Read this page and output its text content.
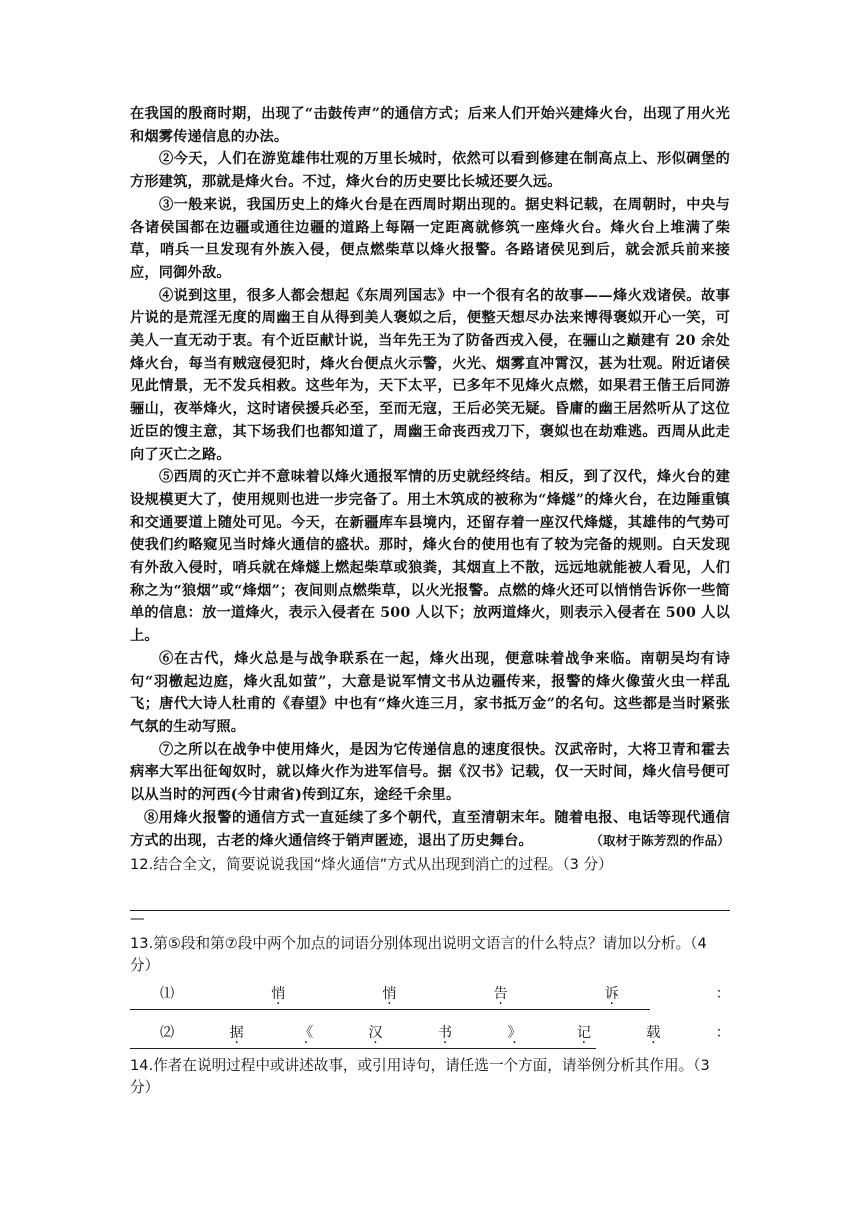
在我国的殷商时期，出现了“击鼓传声”的通信方式；后来人们开始兴建烽火台，出现了用火光和烟雾传递信息的办法。

②今天，人们在游览雄伟壮观的万里长城时，依然可以看到修建在制高点上、形似碉堡的方形建筑，那就是烽火台。不过，烽火台的历史要比长城还要久远。

③一般来说，我国历史上的烽火台是在西周时期出现的。据史料记载，在周朝时，中央与各诸侯国都在边疆或通往边疆的道路上每隔一定距离就修筑一座烽火台。烽火台上堆满了柴草，哨兵一旦发现有外族入侵，便点燃柴草以烽火报警。各路诸侯见到后，就会派兵前来接应，同御外敌。

④说到这里，很多人都会想起《东周列国志》中一个很有名的故事——烽火戏诸侯。故事片说的是荒淫无度的周幽王自从得到美人褒姒之后，便整天想尽办法来博得褒姒开心一笑，可美人一直无动于衷。有个近臣献计说，当年先王为了防备西戎入侵，在骊山之巅建有 20 余处烽火台，每当有贼寇侵犯时，烽火台便点火示警，火光、烟雾直冲霄汉，甚为壮观。附近诸侯见此情景，无不发兵相救。这些年为，天下太平，已多年不见烽火点燃，如果君王偕王后同游骊山，夜举烽火，这时诸侯援兵必至，至而无寇，王后必笑无疑。昏庸的幽王居然听从了这位近臣的馊主意，其下场我们也都知道了，周幽王命丧西戎刀下，褒姒也在劫难逃。西周从此走向了灭亡之路。

⑤西周的灭亡并不意味着以烽火通报军情的历史就经终结。相反，到了汉代，烽火台的建设规模更大了，使用规则也进一步完备了。用土木筑成的被称为“烽燧”的烽火台，在边陲重镇和交通要道上随处可见。今天，在新疆库车县境内，还留存着一座汉代烽燧，其雄伟的气势可使我们约略窥见当时烽火通信的盛状。那时，烽火台的使用也有了较为完备的规则。白天发现有外敌入侵时，哨兵就在烽燧上燃起柴草或狼粪，其烟直上不散，远远地就能被人看见，人们称之为“狼烟”或“烽烟”；夜间则点燃柴草，以火光报警。点燃的烽火还可以悄悄告诉你一些简单的信息：放一道烽火，表示入侵者在 500 人以下；放两道烽火，则表示入侵者在 500 人以上。

⑥在古代，烽火总是与战争联系在一起，烽火出现，便意味着战争来临。南朝吴均有诗句“羽檄起边庭，烽火乱如萤”，大意是说军情文书从边疆传来，报警的烽火像萤火虫一样乱飞；唐代大诗人杜甫的《春望》中也有“烽火连三月，家书抵万金”的名句。这些都是当时紧张气氛的生动写照。

⑦之所以在战争中使用烽火，是因为它传递信息的速度很快。汉武帝时，大将卫青和霍去病率大军出征匈奴时，就以烽火作为进军信号。据《汉书》记载，仅一天时间，烽火信号便可以从当时的河西(今甘肃省)传到辽东，途经千余里。

⑧用烽火报警的通信方式一直延续了多个朝代，直至清朝末年。随着电报、电话等现代通信方式的出现，古老的烽火通信终于销声匿迹，退出了历史舞台。	（取材于陈芳烈的作品）

12.结合全文，简要说说我国“烽火通信”方式从出现到消亡的过程。（3 分）

—

13.第⑤段和第⑦段中两个加点的词语分别体现出说明文语言的什么特点？请加以分析。（4 分）

⑴	悄 ·	悄 ·	告 ·	诉 ·	：
⑵	据 ·	《 ·	汉 ·	书 ·	》 ·	记 ·	载 ·	：

14.作者在说明过程中或讲述故事，或引用诗句，请任选一个方面，请举例分析其作用。（3 分）
